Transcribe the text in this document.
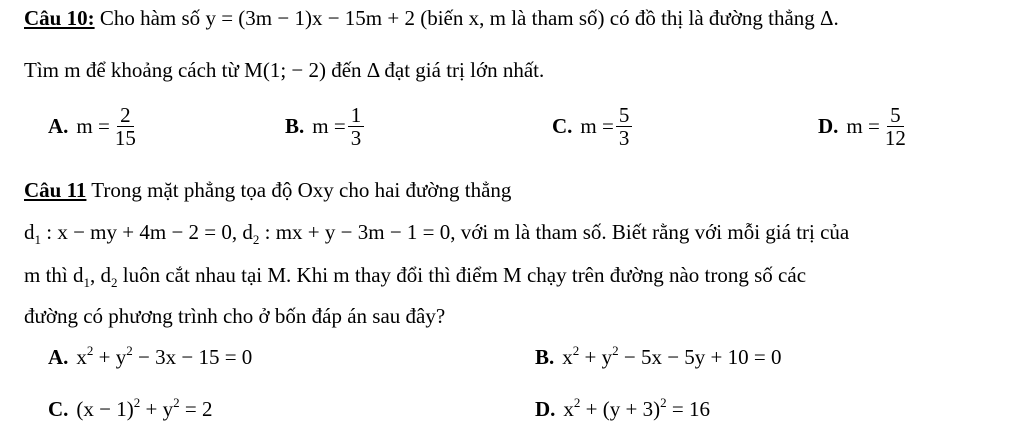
Câu 10: Cho hàm số y = (3m − 1)x − 15m + 2 (biến x, m là tham số) có đồ thị là đường thẳng Δ.
Tìm m để khoảng cách từ M(1; − 2) đến Δ đạt giá trị lớn nhất.
A. $m = \frac{2}{15}$	B. $m = \frac{1}{3}$	C. $m = \frac{5}{3}$	D. $m = \frac{5}{12}$
Câu 11 Trong mặt phẳng tọa độ Oxy cho hai đường thẳng
$d_1$ : x − my + 4m − 2 = 0, $d_2$ : mx + y − 3m − 1 = 0, với m là tham số. Biết rằng với mỗi giá trị của
m thì $d_1$, $d_2$ luôn cắt nhau tại M. Khi m thay đổi thì điểm M chạy trên đường nào trong số các
đường có phương trình cho ở bốn đáp án sau đây?
A. $x^2 + y^2 - 3x - 15 = 0$	B. $x^2 + y^2 - 5x - 5y + 10 = 0$
C. $(x - 1)^2 + y^2 = 2$	D. $x^2 + (y + 3)^2 = 16$
